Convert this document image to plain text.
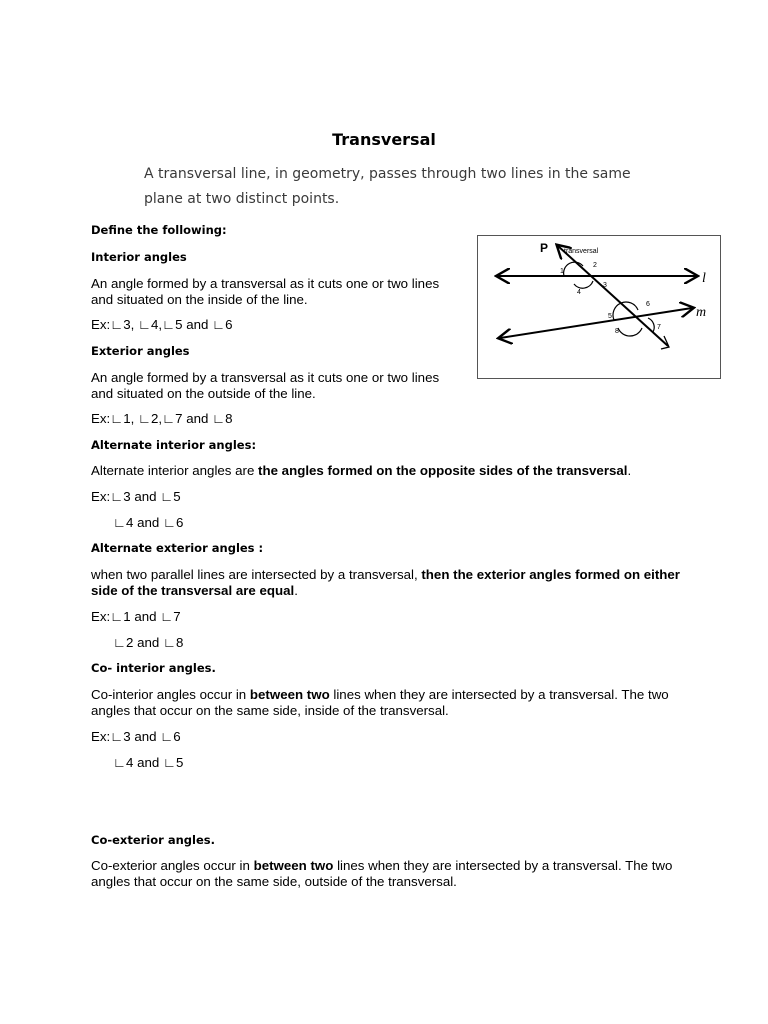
Transversal
A transversal line, in geometry, passes through two lines in the same plane at two distinct points.
Define the following:
Interior angles
An angle formed by a transversal as it cuts one or two lines and situated on the inside of the line.
Ex:∟3, ∟4,∟5 and ∟6
Exterior angles
An angle formed by a transversal as it cuts one or two lines and situated on the outside of the line.
Ex:∟1, ∟2,∟7 and ∟8
Alternate interior angles:
Alternate interior angles are the angles formed on the opposite sides of the transversal.
Ex:∟3 and ∟5
∟4 and ∟6
Alternate exterior angles :
when two parallel lines are intersected by a transversal, then the exterior angles formed on either side of the transversal are equal.
Ex:∟1 and ∟7
∟2 and ∟8
Co- interior angles.
Co-interior angles occur in between two lines when they are intersected by a transversal. The two angles that occur on the same side, inside of the transversal.
Ex:∟3 and ∟6
∟4 and ∟5
Co-exterior angles.
Co-exterior angles occur in between two lines when they are intersected by a transversal. The two angles that occur on the same side, outside of the transversal.
P transversal
l
m
1
2
3
4
5
6
7
8
